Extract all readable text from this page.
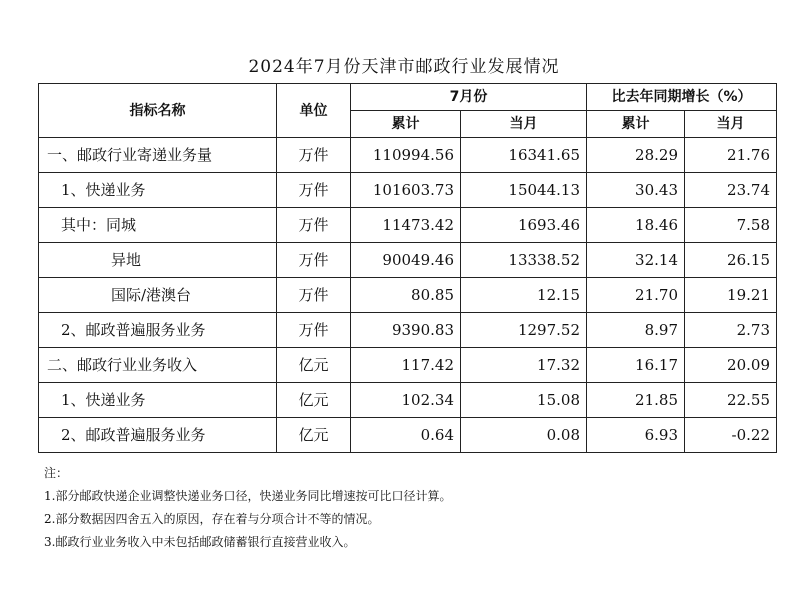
2024年7月份天津市邮政行业发展情况
指标名称	单位	7月份		比去年同期增长（%）	
		累计	当月	累计	当月
一、邮政行业寄递业务量	万件	110994.56	16341.65	28.29	21.76
1、快递业务	万件	101603.73	15044.13	30.43	23.74
其中：同城	万件	11473.42	1693.46	18.46	7.58
异地	万件	90049.46	13338.52	32.14	26.15
国际/港澳台	万件	80.85	12.15	21.70	19.21
2、邮政普遍服务业务	万件	9390.83	1297.52	8.97	2.73
二、邮政行业业务收入	亿元	117.42	17.32	16.17	20.09
1、快递业务	亿元	102.34	15.08	21.85	22.55
2、邮政普遍服务业务	亿元	0.64	0.08	6.93	-0.22
注：
1.部分邮政快递企业调整快递业务口径，快递业务同比增速按可比口径计算。
2.部分数据因四舍五入的原因，存在着与分项合计不等的情况。
3.邮政行业业务收入中未包括邮政储蓄银行直接营业收入。
